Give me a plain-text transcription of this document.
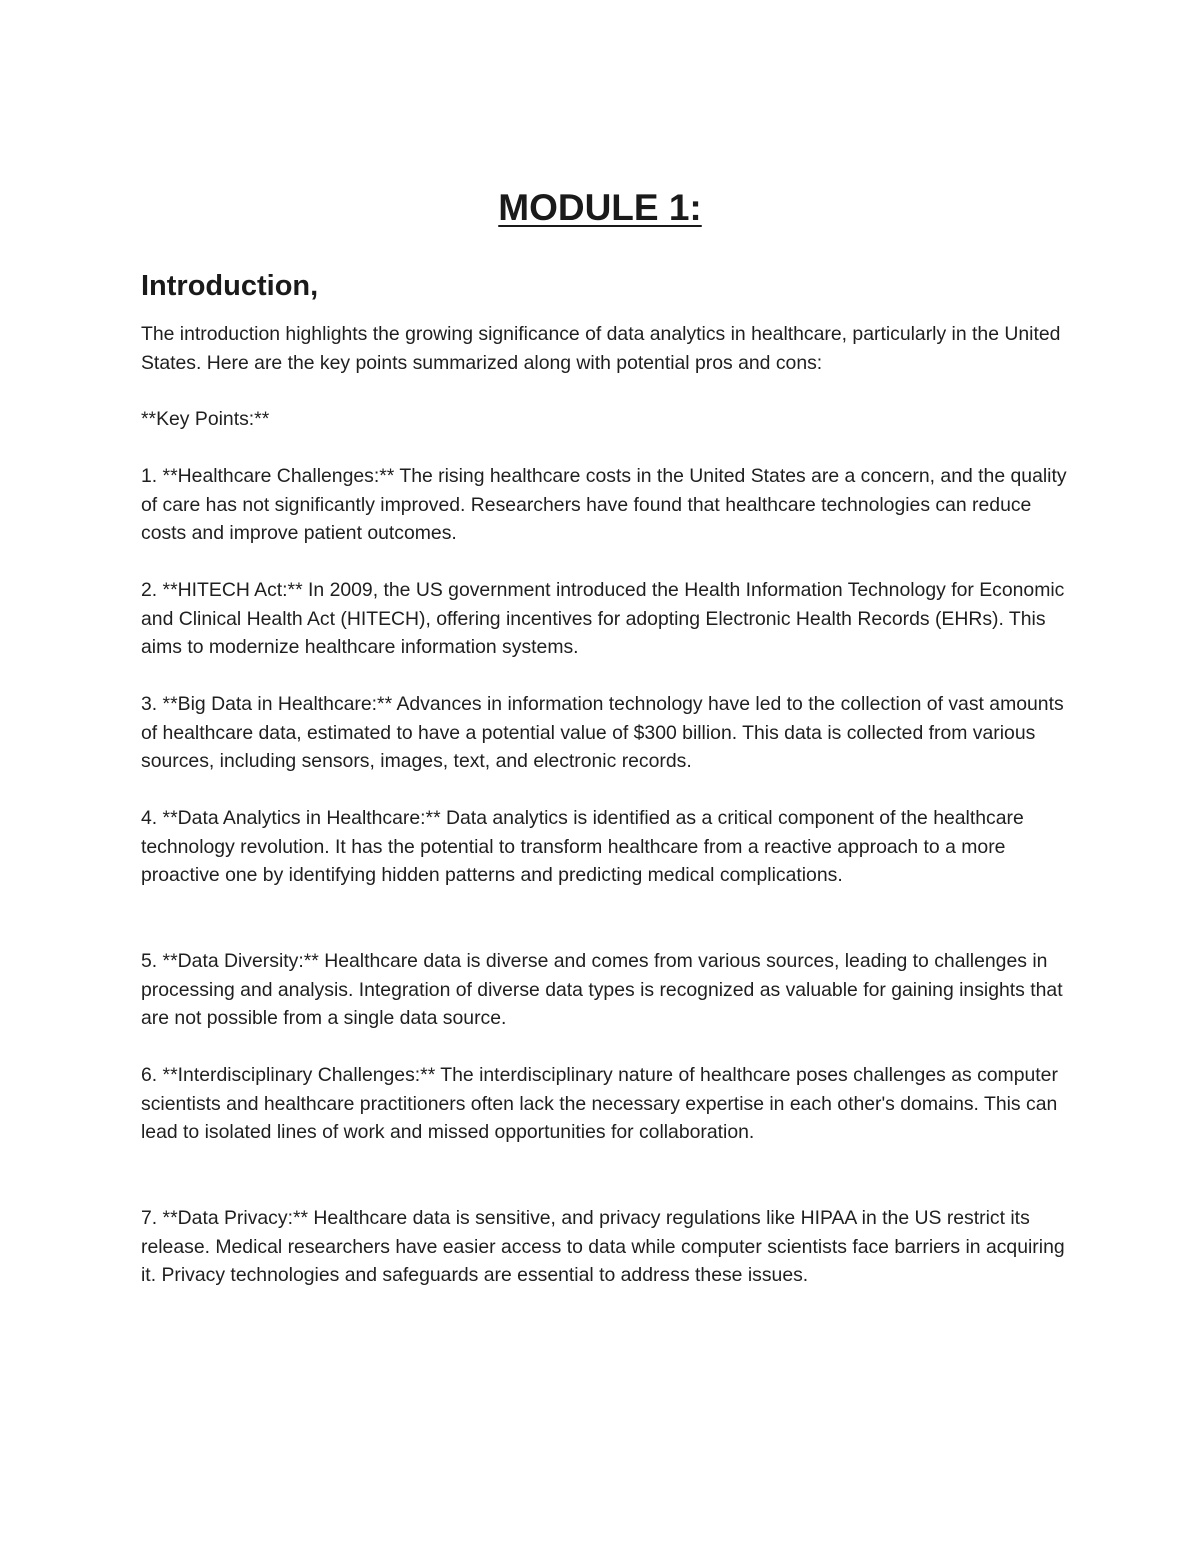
MODULE 1:
Introduction,

The introduction highlights the growing significance of data analytics in healthcare, particularly in the United States. Here are the key points summarized along with potential pros and cons:

**Key Points:**

1. **Healthcare Challenges:** The rising healthcare costs in the United States are a concern, and the quality of care has not significantly improved. Researchers have found that healthcare technologies can reduce costs and improve patient outcomes.

2. **HITECH Act:** In 2009, the US government introduced the Health Information Technology for Economic and Clinical Health Act (HITECH), offering incentives for adopting Electronic Health Records (EHRs). This aims to modernize healthcare information systems.

3. **Big Data in Healthcare:** Advances in information technology have led to the collection of vast amounts of healthcare data, estimated to have a potential value of $300 billion. This data is collected from various sources, including sensors, images, text, and electronic records.

4. **Data Analytics in Healthcare:** Data analytics is identified as a critical component of the healthcare technology revolution. It has the potential to transform healthcare from a reactive approach to a more proactive one by identifying hidden patterns and predicting medical complications.

5. **Data Diversity:** Healthcare data is diverse and comes from various sources, leading to challenges in processing and analysis. Integration of diverse data types is recognized as valuable for gaining insights that are not possible from a single data source.

6. **Interdisciplinary Challenges:** The interdisciplinary nature of healthcare poses challenges as computer scientists and healthcare practitioners often lack the necessary expertise in each other's domains. This can lead to isolated lines of work and missed opportunities for collaboration.

7. **Data Privacy:** Healthcare data is sensitive, and privacy regulations like HIPAA in the US restrict its release. Medical researchers have easier access to data while computer scientists face barriers in acquiring it. Privacy technologies and safeguards are essential to address these issues.
